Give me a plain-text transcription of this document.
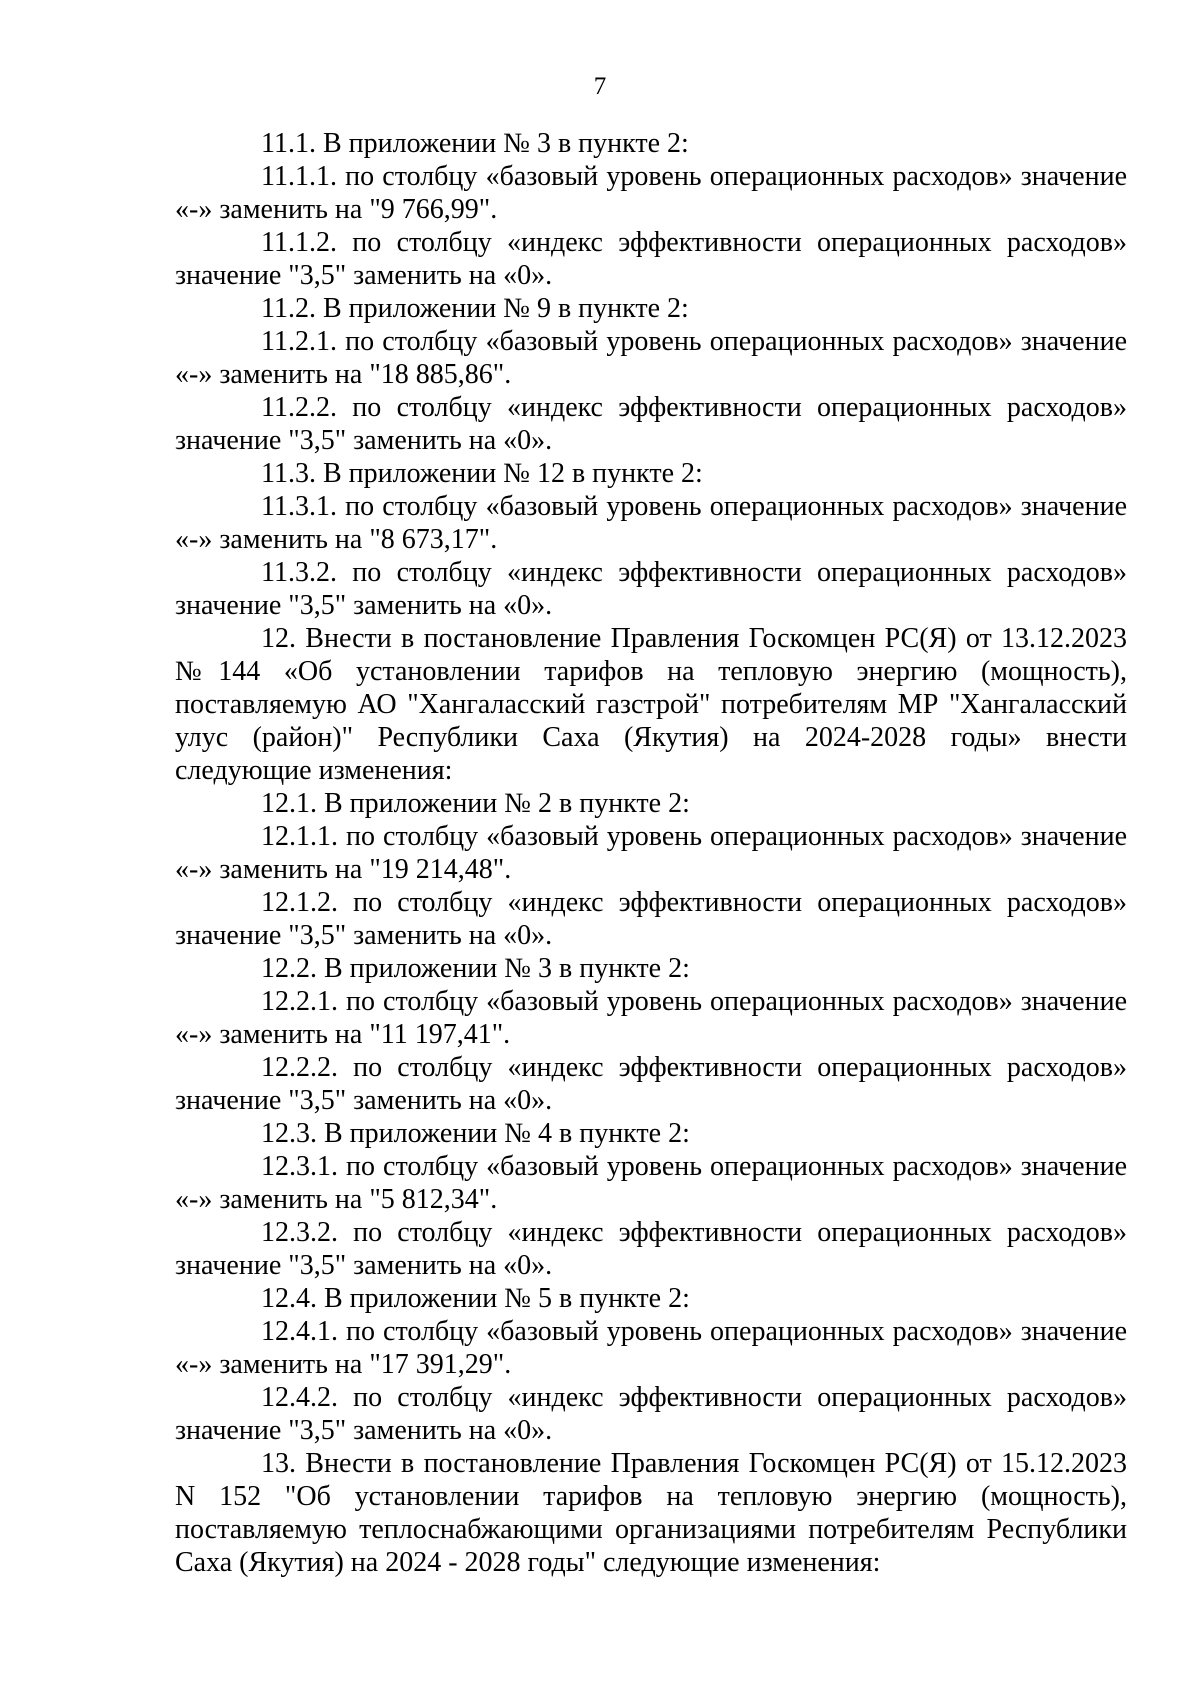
7

11.1. В приложении № 3 в пункте 2:

11.1.1. по столбцу «базовый уровень операционных расходов» значение «-» заменить на "9 766,99".

11.1.2. по столбцу «индекс эффективности операционных расходов» значение "3,5" заменить на «0».

11.2. В приложении № 9 в пункте 2:

11.2.1. по столбцу «базовый уровень операционных расходов» значение «-» заменить на "18 885,86".

11.2.2. по столбцу «индекс эффективности операционных расходов» значение "3,5" заменить на «0».

11.3. В приложении № 12 в пункте 2:

11.3.1. по столбцу «базовый уровень операционных расходов» значение «-» заменить на "8 673,17".

11.3.2. по столбцу «индекс эффективности операционных расходов» значение "3,5" заменить на «0».

12. Внести в постановление Правления Госкомцен РС(Я) от 13.12.2023 №144 «Об установлении тарифов на тепловую энергию (мощность), поставляемую АО "Хангаласский газстрой" потребителям МР "Хангаласский улус (район)" Республики Саха (Якутия) на 2024-2028 годы» внести следующие изменения:

12.1. В приложении № 2 в пункте 2:

12.1.1. по столбцу «базовый уровень операционных расходов» значение «-» заменить на "19 214,48".

12.1.2. по столбцу «индекс эффективности операционных расходов» значение "3,5" заменить на «0».

12.2. В приложении № 3 в пункте 2:

12.2.1. по столбцу «базовый уровень операционных расходов» значение «-» заменить на "11 197,41".

12.2.2. по столбцу «индекс эффективности операционных расходов» значение "3,5" заменить на «0».

12.3. В приложении № 4 в пункте 2:

12.3.1. по столбцу «базовый уровень операционных расходов» значение «-» заменить на "5 812,34".

12.3.2. по столбцу «индекс эффективности операционных расходов» значение "3,5" заменить на «0».

12.4. В приложении № 5 в пункте 2:

12.4.1. по столбцу «базовый уровень операционных расходов» значение «-» заменить на "17 391,29".

12.4.2. по столбцу «индекс эффективности операционных расходов» значение "3,5" заменить на «0».

13. Внести в постановление Правления Госкомцен РС(Я) от 15.12.2023 N 152 "Об установлении тарифов на тепловую энергию (мощность), поставляемую теплоснабжающими организациями потребителям Республики Саха (Якутия) на 2024 - 2028 годы" следующие изменения:
